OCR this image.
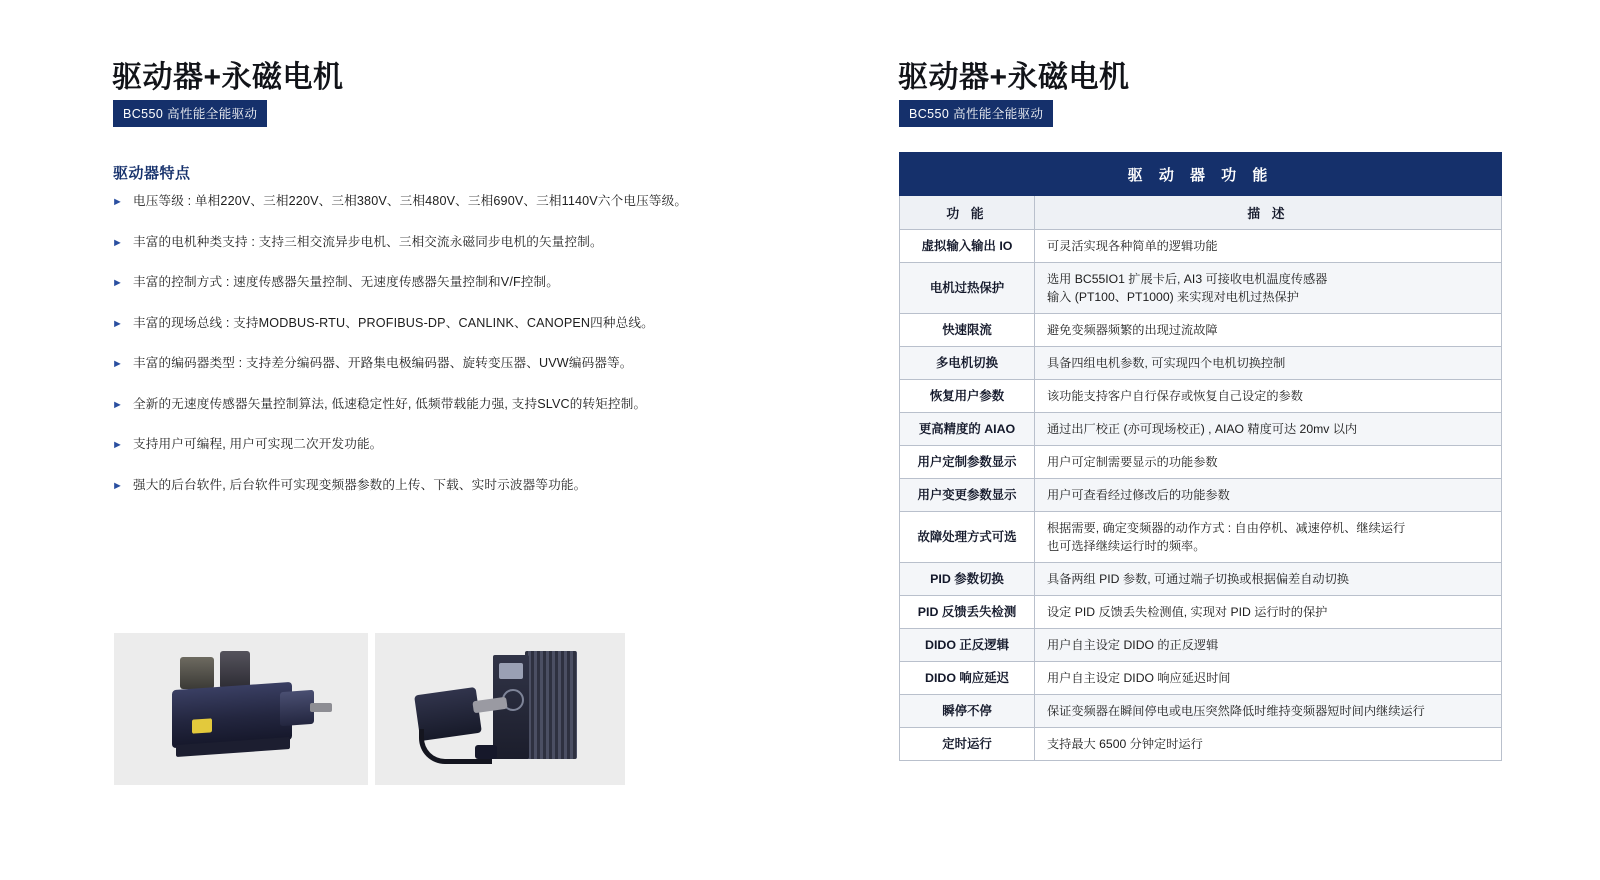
驱动器+永磁电机
BC550 高性能全能驱动
驱动器特点
► 电压等级 : 单相220V、三相220V、三相380V、三相480V、三相690V、三相1140V六个电压等级。
► 丰富的电机种类支持 : 支持三相交流异步电机、三相交流永磁同步电机的矢量控制。
► 丰富的控制方式 : 速度传感器矢量控制、无速度传感器矢量控制和V/F控制。
► 丰富的现场总线 : 支持MODBUS-RTU、PROFIBUS-DP、CANLINK、CANOPEN四种总线。
► 丰富的编码器类型 : 支持差分编码器、开路集电极编码器、旋转变压器、UVW编码器等。
► 全新的无速度传感器矢量控制算法, 低速稳定性好, 低频带载能力强, 支持SLVC的转矩控制。
► 支持用户可编程, 用户可实现二次开发功能。
► 强大的后台软件, 后台软件可实现变频器参数的上传、下载、实时示波器等功能。
驱动器+永磁电机
BC550 高性能全能驱动
驱 动 器 功 能	
功 能	描 述
虚拟输入输出 IO	可灵活实现各种简单的逻辑功能

电机过热保护	选用 BC55IO1 扩展卡后, AI3 可接收电机温度传感器
输入 (PT100、PT1000) 来实现对电机过热保护

快速限流	避免变频器频繁的出现过流故障

多电机切换	具备四组电机参数, 可实现四个电机切换控制

恢复用户参数	该功能支持客户自行保存或恢复自己设定的参数

更高精度的 AIAO	通过出厂校正 (亦可现场校正) , AIAO 精度可达 20mv 以内

用户定制参数显示	用户可定制需要显示的功能参数

用户变更参数显示	用户可查看经过修改后的功能参数

故障处理方式可选	根据需要, 确定变频器的动作方式 : 自由停机、减速停机、继续运行
也可选择继续运行时的频率。

PID 参数切换	具备两组 PID 参数, 可通过端子切换或根据偏差自动切换

PID 反馈丢失检测	设定 PID 反馈丢失检测值, 实现对 PID 运行时的保护

DIDO 正反逻辑	用户自主设定 DIDO 的正反逻辑

DIDO 响应延迟	用户自主设定 DIDO 响应延迟时间

瞬停不停	保证变频器在瞬间停电或电压突然降低时维持变频器短时间内继续运行

定时运行	支持最大 6500 分钟定时运行
